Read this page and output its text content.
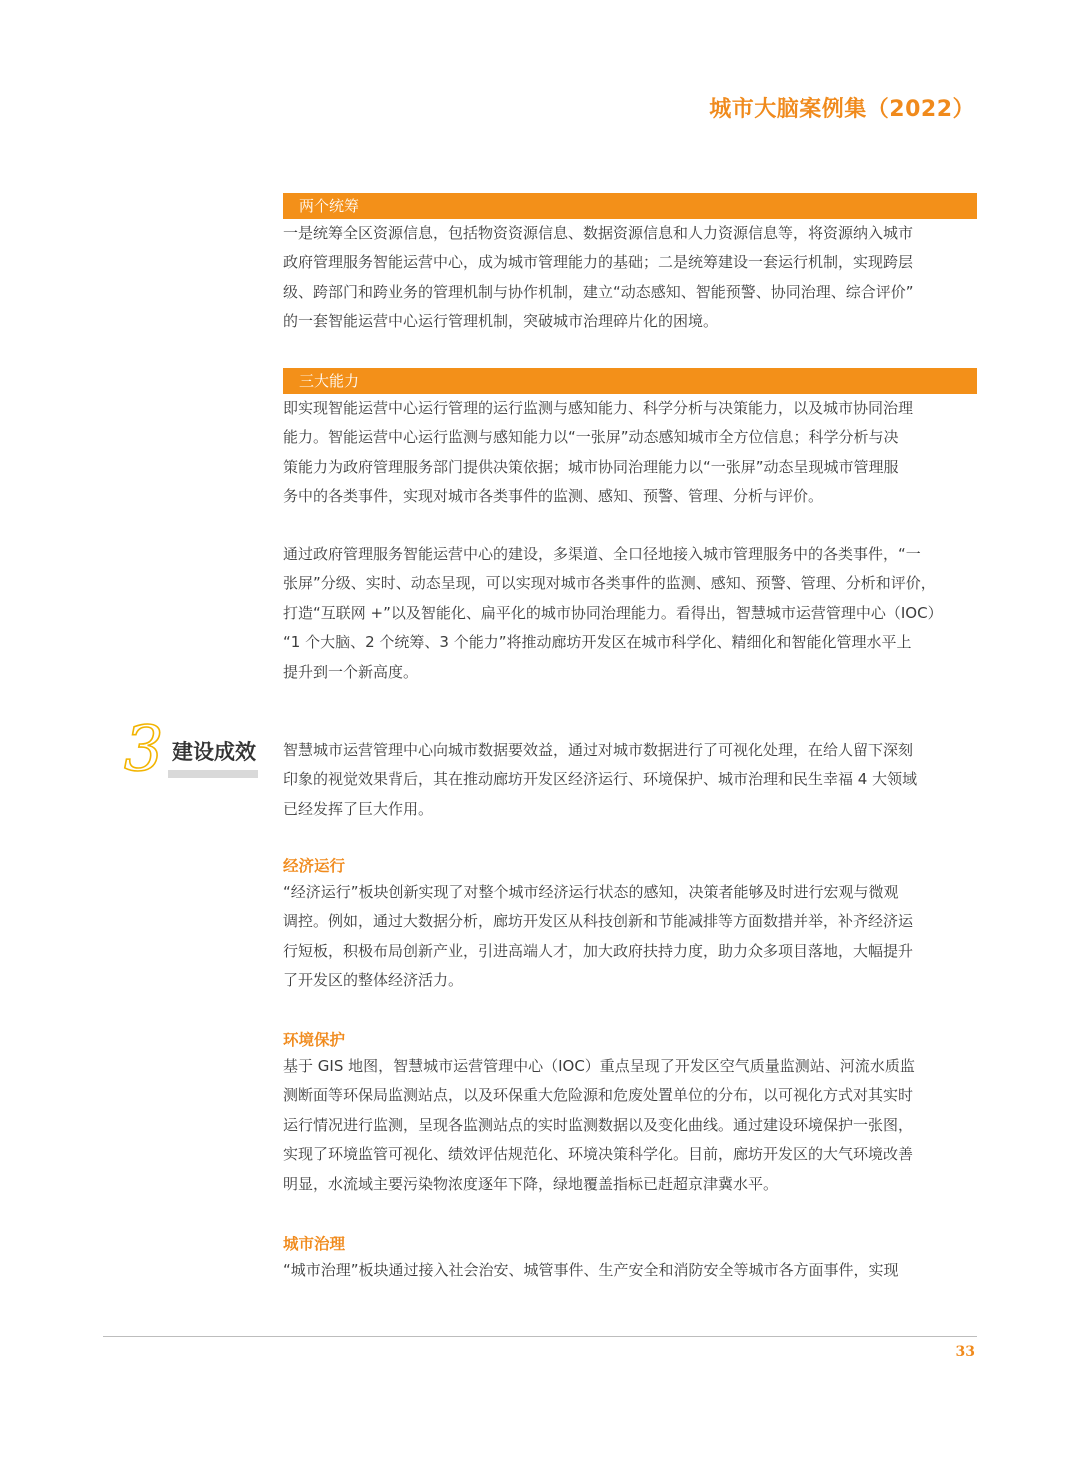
城市大脑案例集（2022）
两个统筹

一是统筹全区资源信息，包括物资资源信息、数据资源信息和人力资源信息等，将资源纳入城市

政府管理服务智能运营中心，成为城市管理能力的基础；二是统筹建设一套运行机制，实现跨层

级、跨部门和跨业务的管理机制与协作机制，建立“动态感知、智能预警、协同治理、综合评价”

的一套智能运营中心运行管理机制，突破城市治理碎片化的困境。

三大能力

即实现智能运营中心运行管理的运行监测与感知能力、科学分析与决策能力，以及城市协同治理

能力。智能运营中心运行监测与感知能力以“一张屏”动态感知城市全方位信息；科学分析与决

策能力为政府管理服务部门提供决策依据；城市协同治理能力以“一张屏”动态呈现城市管理服

务中的各类事件，实现对城市各类事件的监测、感知、预警、管理、分析与评价。

通过政府管理服务智能运营中心的建设，多渠道、全口径地接入城市管理服务中的各类事件，“一

张屏”分级、实时、动态呈现，可以实现对城市各类事件的监测、感知、预警、管理、分析和评价，

打造“互联网 +”以及智能化、扁平化的城市协同治理能力。看得出，智慧城市运营管理中心（IOC）

“1 个大脑、2 个统筹、3 个能力”将推动廊坊开发区在城市科学化、精细化和智能化管理水平上

提升到一个新高度。

3 建设成效 智慧城市运营管理中心向城市数据要效益，通过对城市数据进行了可视化处理，在给人留下深刻

印象的视觉效果背后，其在推动廊坊开发区经济运行、环境保护、城市治理和民生幸福 4 大领域

已经发挥了巨大作用。

经济运行

“经济运行”板块创新实现了对整个城市经济运行状态的感知，决策者能够及时进行宏观与微观

调控。例如，通过大数据分析，廊坊开发区从科技创新和节能减排等方面数措并举，补齐经济运

行短板，积极布局创新产业，引进高端人才，加大政府扶持力度，助力众多项目落地，大幅提升

了开发区的整体经济活力。

环境保护

基于 GIS 地图，智慧城市运营管理中心（IOC）重点呈现了开发区空气质量监测站、河流水质监

测断面等环保局监测站点，以及环保重大危险源和危废处置单位的分布，以可视化方式对其实时

运行情况进行监测，呈现各监测站点的实时监测数据以及变化曲线。通过建设环境保护一张图，

实现了环境监管可视化、绩效评估规范化、环境决策科学化。目前，廊坊开发区的大气环境改善

明显，水流域主要污染物浓度逐年下降，绿地覆盖指标已赶超京津冀水平。

城市治理

“城市治理”板块通过接入社会治安、城管事件、生产安全和消防安全等城市各方面事件，实现

33
